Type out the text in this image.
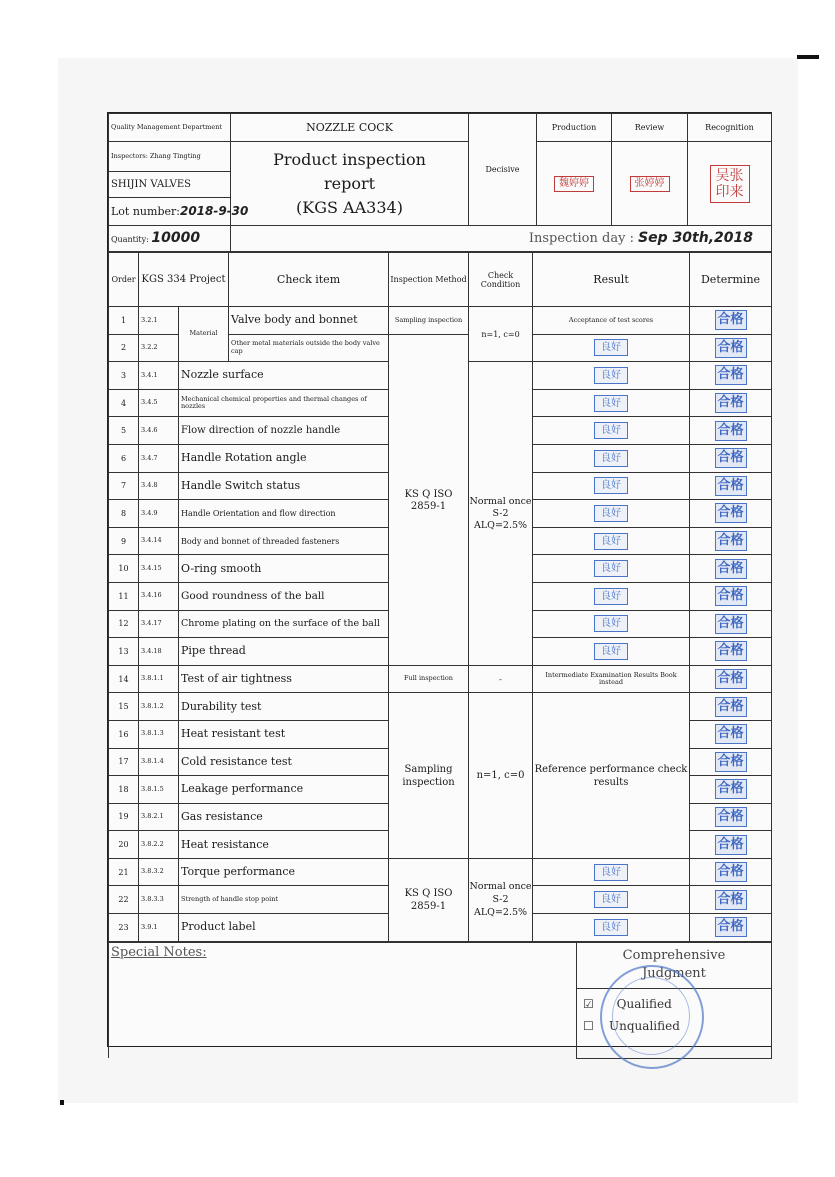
Quality Management Department	NOZZLE COCK	Decisive	Production	Review	Recognition
Inspectors: Zhang Tingting	Product inspection
report
(KGS AA334)		魏婷婷	张婷婷	吴张印来
SHIJIN VALVES					
Lot number:2018-9-30					
Quantity: 10000	Inspection day : Sep 30th,2018				
Order	KGS 334 Project		Check item	Inspection Method	Check Condition	Result	Determine
1	3.2.1	Material	Valve body and bonnet	Sampling inspection	n=1, c=0	Acceptance of test scores	合格
2	3.2.2		Other metal materials outside the body valve cap	KS Q ISO 2859-1		良好	合格
3	3.4.1	Nozzle surface			Normal once S-2 ALQ=2.5%	良好	合格
4	3.4.5	Mechanical chemical properties and thermal changes of nozzles				良好	合格
5	3.4.6	Flow direction of nozzle handle				良好	合格
6	3.4.7	Handle Rotation angle				良好	合格
7	3.4.8	Handle Switch status				良好	合格
8	3.4.9	Handle Orientation and flow direction				良好	合格
9	3.4.14	Body and bonnet of threaded fasteners				良好	合格
10	3.4.15	O-ring smooth				良好	合格
11	3.4.16	Good roundness of the ball				良好	合格
12	3.4.17	Chrome plating on the surface of the ball				良好	合格
13	3.4.18	Pipe thread				良好	合格
14	3.8.1.1	Test of air tightness		Full inspection	-	Intermediate Examination Results Book instead	合格
15	3.8.1.2	Durability test		Sampling inspection	n=1, c=0	Reference performance check results	合格
16	3.8.1.3	Heat resistant test					合格
17	3.8.1.4	Cold resistance test					合格
18	3.8.1.5	Leakage performance					合格
19	3.8.2.1	Gas resistance					合格
20	3.8.2.2	Heat resistance					合格
21	3.8.3.2	Torque performance		KS Q ISO 2859-1	Normal once S-2 ALQ=2.5%	良好	合格
22	3.8.3.3	Strength of handle stop point				良好	合格
23	3.9.1	Product label				良好	合格
Special Notes:	Comprehensive
Judgment

☑ Qualified
☐ Unqualified
